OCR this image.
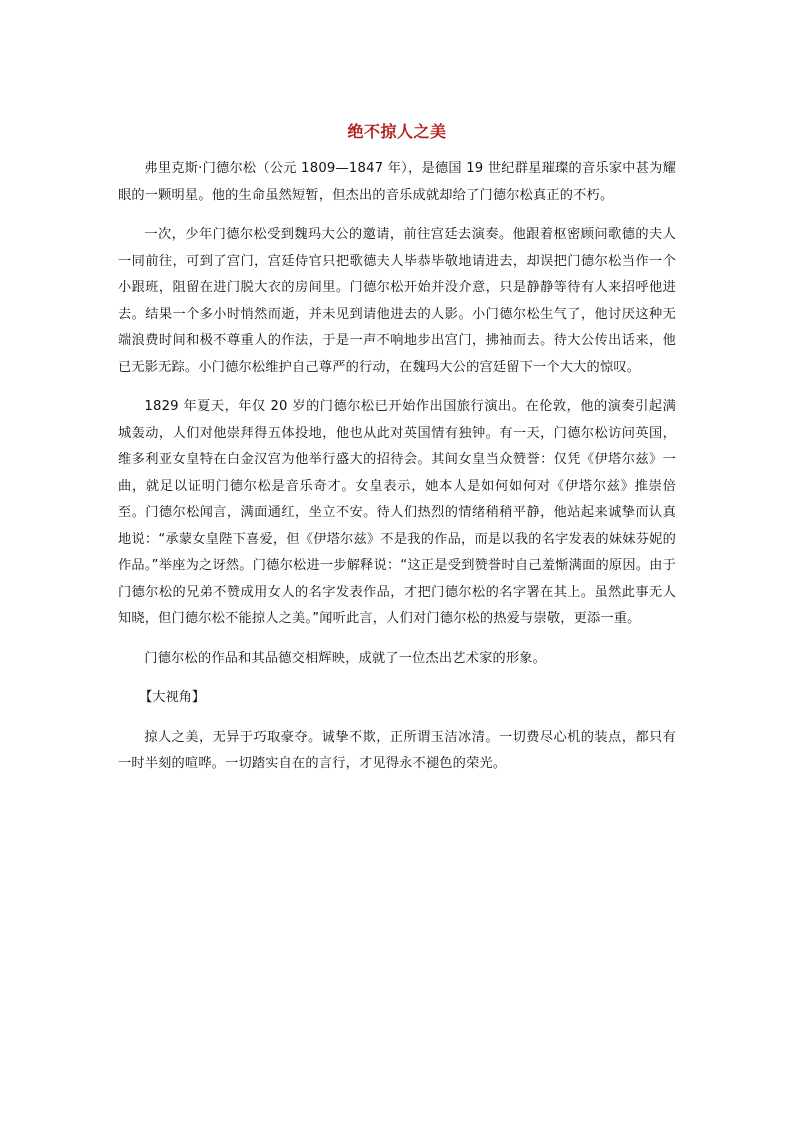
绝不掠人之美

弗里克斯·门德尔松（公元 1809—1847 年），是德国 19 世纪群星璀璨的音乐家中甚为耀眼的一颗明星。他的生命虽然短暂，但杰出的音乐成就却给了门德尔松真正的不朽。

一次，少年门德尔松受到魏玛大公的邀请，前往宫廷去演奏。他跟着枢密顾问歌德的夫人一同前往，可到了宫门，宫廷侍官只把歌德夫人毕恭毕敬地请进去，却误把门德尔松当作一个小跟班，阻留在进门脱大衣的房间里。门德尔松开始并没介意，只是静静等待有人来招呼他进去。结果一个多小时悄然而逝，并未见到请他进去的人影。小门德尔松生气了，他讨厌这种无端浪费时间和极不尊重人的作法，于是一声不响地步出宫门，拂袖而去。待大公传出话来，他已无影无踪。小门德尔松维护自己尊严的行动，在魏玛大公的宫廷留下一个大大的惊叹。

1829 年夏天，年仅 20 岁的门德尔松已开始作出国旅行演出。在伦敦，他的演奏引起满城轰动，人们对他崇拜得五体投地，他也从此对英国情有独钟。有一天，门德尔松访问英国，维多利亚女皇特在白金汉宫为他举行盛大的招待会。其间女皇当众赞誉：仅凭《伊塔尔兹》一曲，就足以证明门德尔松是音乐奇才。女皇表示，她本人是如何如何对《伊塔尔兹》推崇倍至。门德尔松闻言，满面通红，坐立不安。待人们热烈的情绪稍稍平静，他站起来诚挚而认真地说：“承蒙女皇陛下喜爱，但《伊塔尔兹》不是我的作品，而是以我的名字发表的妹妹芬妮的作品。”举座为之讶然。门德尔松进一步解释说：“这正是受到赞誉时自己羞惭满面的原因。由于门德尔松的兄弟不赞成用女人的名字发表作品，才把门德尔松的名字署在其上。虽然此事无人知晓，但门德尔松不能掠人之美。”闻听此言，人们对门德尔松的热爱与崇敬，更添一重。

门德尔松的作品和其品德交相辉映，成就了一位杰出艺术家的形象。

【大视角】

掠人之美，无异于巧取豪夺。诚挚不欺，正所谓玉洁冰清。一切费尽心机的装点，都只有一时半刻的喧哗。一切踏实自在的言行，才见得永不褪色的荣光。
